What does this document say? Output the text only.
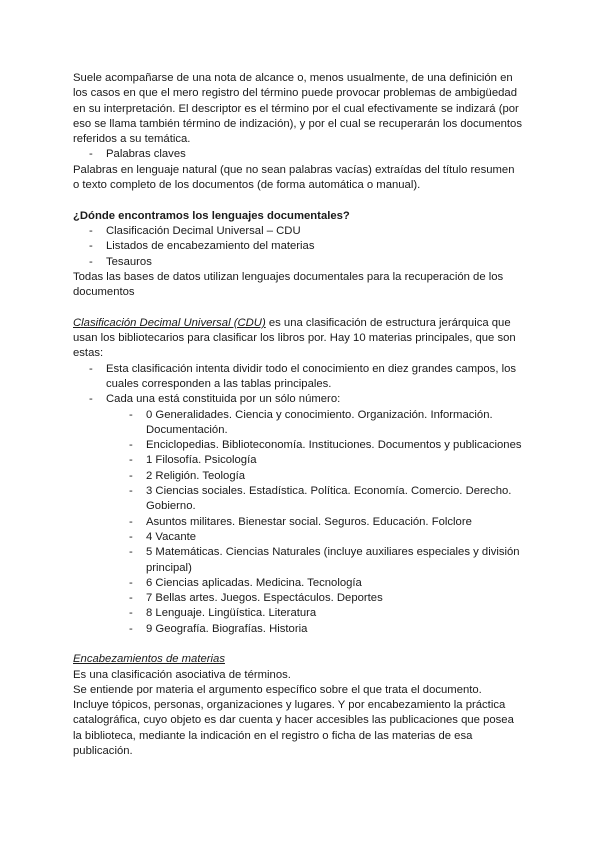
Suele acompañarse de una nota de alcance o, menos usualmente, de una definición en los casos en que el mero registro del término puede provocar problemas de ambigüedad en su interpretación. El descriptor es el término por el cual efectivamente se indizará (por eso se llama también término de indización), y por el cual se recuperarán los documentos referidos a su temática.

- Palabras claves

Palabras en lenguaje natural (que no sean palabras vacías) extraídas del título resumen o texto completo de los documentos (de forma automática o manual).

¿Dónde encontramos los lenguajes documentales?

- Clasificación Decimal Universal – CDU
- Listados de encabezamiento del materias
- Tesauros

Todas las bases de datos utilizan lenguajes documentales para la recuperación de los documentos

Clasificación Decimal Universal (CDU) es una clasificación de estructura jerárquica que usan los bibliotecarios para clasificar los libros por. Hay 10 materias principales, que son estas:

- Esta clasificación intenta dividir todo el conocimiento en diez grandes campos, los cuales corresponden a las tablas principales.
- Cada una está constituida por un sólo número:
- 0 Generalidades. Ciencia y conocimiento. Organización. Información. Documentación.
- Enciclopedias. Biblioteconomía. Instituciones. Documentos y publicaciones
- 1 Filosofía. Psicología
- 2 Religión. Teología
- 3 Ciencias sociales. Estadística. Política. Economía. Comercio. Derecho. Gobierno.
- Asuntos militares. Bienestar social. Seguros. Educación. Folclore
- 4 Vacante
- 5 Matemáticas. Ciencias Naturales (incluye auxiliares especiales y división principal)
- 6 Ciencias aplicadas. Medicina. Tecnología
- 7 Bellas artes. Juegos. Espectáculos. Deportes
- 8 Lenguaje. Lingüística. Literatura
- 9 Geografía. Biografías. Historia

Encabezamientos de materias

Es una clasificación asociativa de términos.

Se entiende por materia el argumento específico sobre el que trata el documento.

Incluye tópicos, personas, organizaciones y lugares. Y por encabezamiento la práctica catalográfica, cuyo objeto es dar cuenta y hacer accesibles las publicaciones que posea la biblioteca, mediante la indicación en el registro o ficha de las materias de esa publicación.
